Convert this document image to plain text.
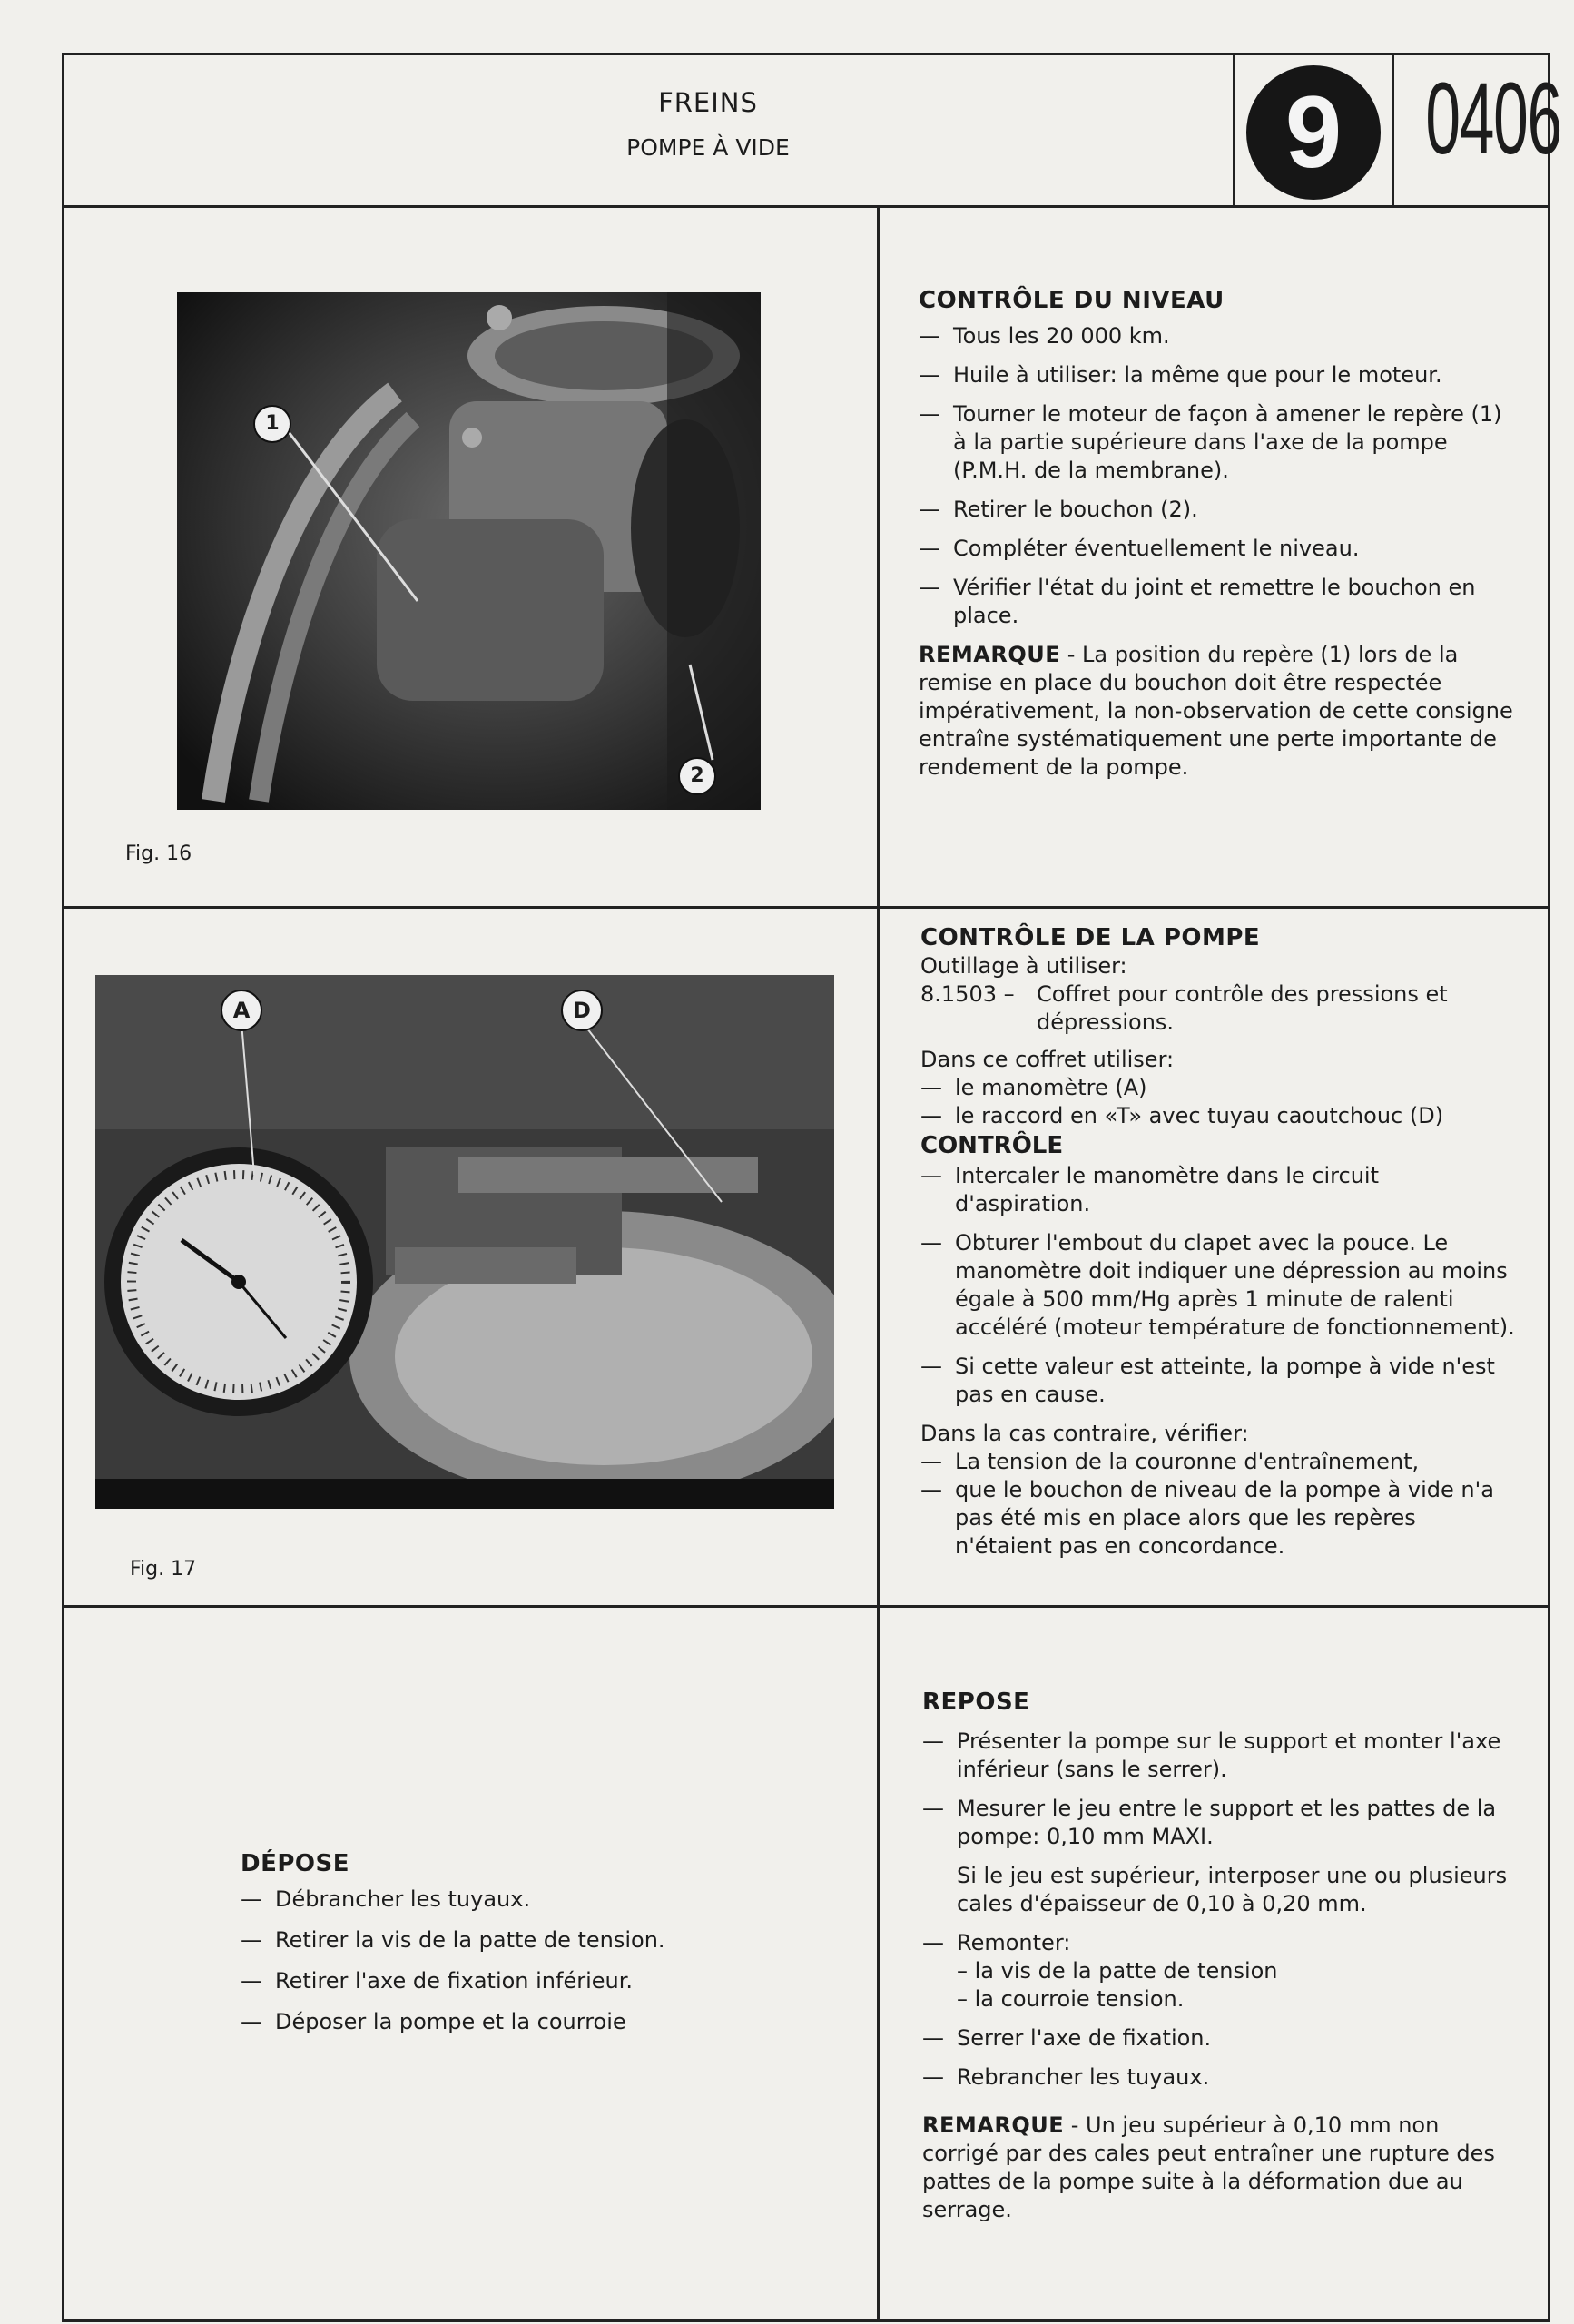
FREINS
POMPE À VIDE	9 0406
1
2
Fig. 16
A	D
Fig. 17
CONTRÔLE DU NIVEAU
— Tous les 20 000 km.
— Huile à utiliser: la même que pour le moteur.
— Tourner le moteur de façon à amener le repère (1) à la partie supérieure dans l'axe de la pompe (P.M.H. de la membrane).
— Retirer le bouchon (2).
— Compléter éventuellement le niveau.
— Vérifier l'état du joint et remettre le bouchon en place.

REMARQUE - La position du repère (1) lors de la remise en place du bouchon doit être respectée impérativement, la non-observation de cette consigne entraîne systématiquement une perte importante de rendement de la pompe.

CONTRÔLE DE LA POMPE

Outillage à utiliser:

8.1503 –	Coffret pour contrôle des pressions et dépressions.

Dans ce coffret utiliser:

— le manomètre (A)
— le raccord en «T» avec tuyau caoutchouc (D)

CONTRÔLE

— Intercaler le manomètre dans le circuit d'aspiration.
— Obturer l'embout du clapet avec la pouce. Le manomètre doit indiquer une dépression au moins égale à 500 mm/Hg après 1 minute de ralenti accéléré (moteur température de fonctionnement).
— Si cette valeur est atteinte, la pompe à vide n'est pas en cause.

Dans la cas contraire, vérifier:

— La tension de la couronne d'entraînement,
— que le bouchon de niveau de la pompe à vide n'a pas été mis en place alors que les repères n'étaient pas en concordance.
DÉPOSE
— Débrancher les tuyaux.
— Retirer la vis de la patte de tension.
— Retirer l'axe de fixation inférieur.
— Déposer la pompe et la courroie
REPOSE
— Présenter la pompe sur le support et monter l'axe inférieur (sans le serrer).
— Mesurer le jeu entre le support et les pattes de la pompe: 0,10 mm MAXI.

Si le jeu est supérieur, interposer une ou plusieurs cales d'épaisseur de 0,10 à 0,20 mm.

— Remonter:
– la vis de la patte de tension
– la courroie tension.
— Serrer l'axe de fixation.
— Rebrancher les tuyaux.

REMARQUE - Un jeu supérieur à 0,10 mm non corrigé par des cales peut entraîner une rupture des pattes de la pompe suite à la déformation due au serrage.
